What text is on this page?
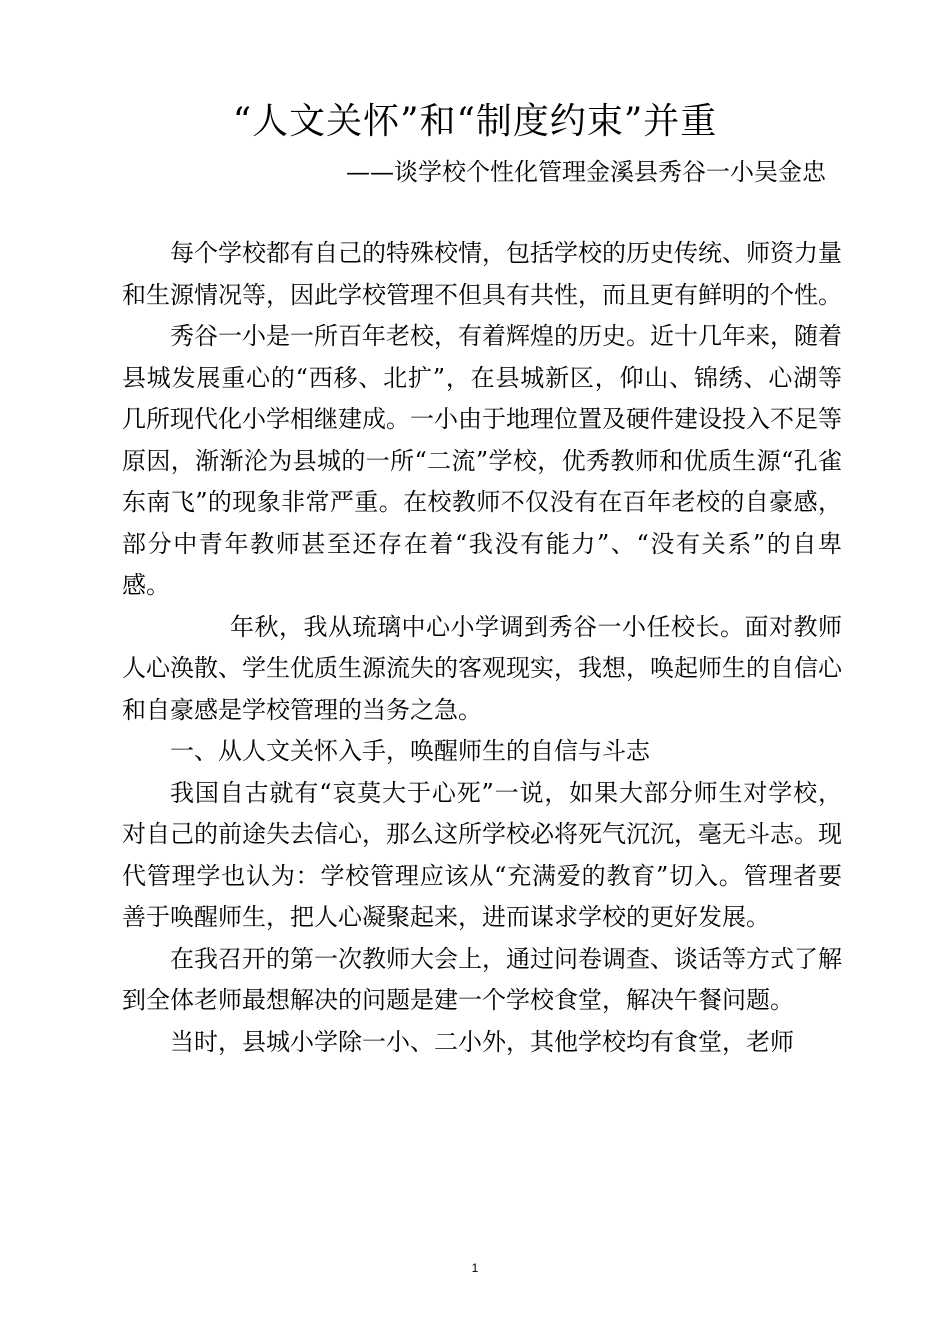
“人文关怀”和“制度约束”并重
——谈学校个性化管理金溪县秀谷一小吴金忠

每个学校都有自己的特殊校情，包括学校的历史传统、师资力量和生源情况等，因此学校管理不但具有共性，而且更有鲜明的个性。

秀谷一小是一所百年老校，有着辉煌的历史。近十几年来，随着县城发展重心的“西移、北扩”，在县城新区，仰山、锦绣、心湖等几所现代化小学相继建成。一小由于地理位置及硬件建设投入不足等原因，渐渐沦为县城的一所“二流”学校，优秀教师和优质生源“孔雀东南飞”的现象非常严重。在校教师不仅没有在百年老校的自豪感，部分中青年教师甚至还存在着“我没有能力”、“没有关系”的自卑感。

年秋，我从琉璃中心小学调到秀谷一小任校长。面对教师人心涣散、学生优质生源流失的客观现实，我想，唤起师生的自信心和自豪感是学校管理的当务之急。

一、从人文关怀入手，唤醒师生的自信与斗志

我国自古就有“哀莫大于心死”一说，如果大部分师生对学校，对自己的前途失去信心，那么这所学校必将死气沉沉，毫无斗志。现代管理学也认为：学校管理应该从“充满爱的教育”切入。管理者要善于唤醒师生，把人心凝聚起来，进而谋求学校的更好发展。

在我召开的第一次教师大会上，通过问卷调查、谈话等方式了解到全体老师最想解决的问题是建一个学校食堂，解决午餐问题。

当时，县城小学除一小、二小外，其他学校均有食堂，老师

1
